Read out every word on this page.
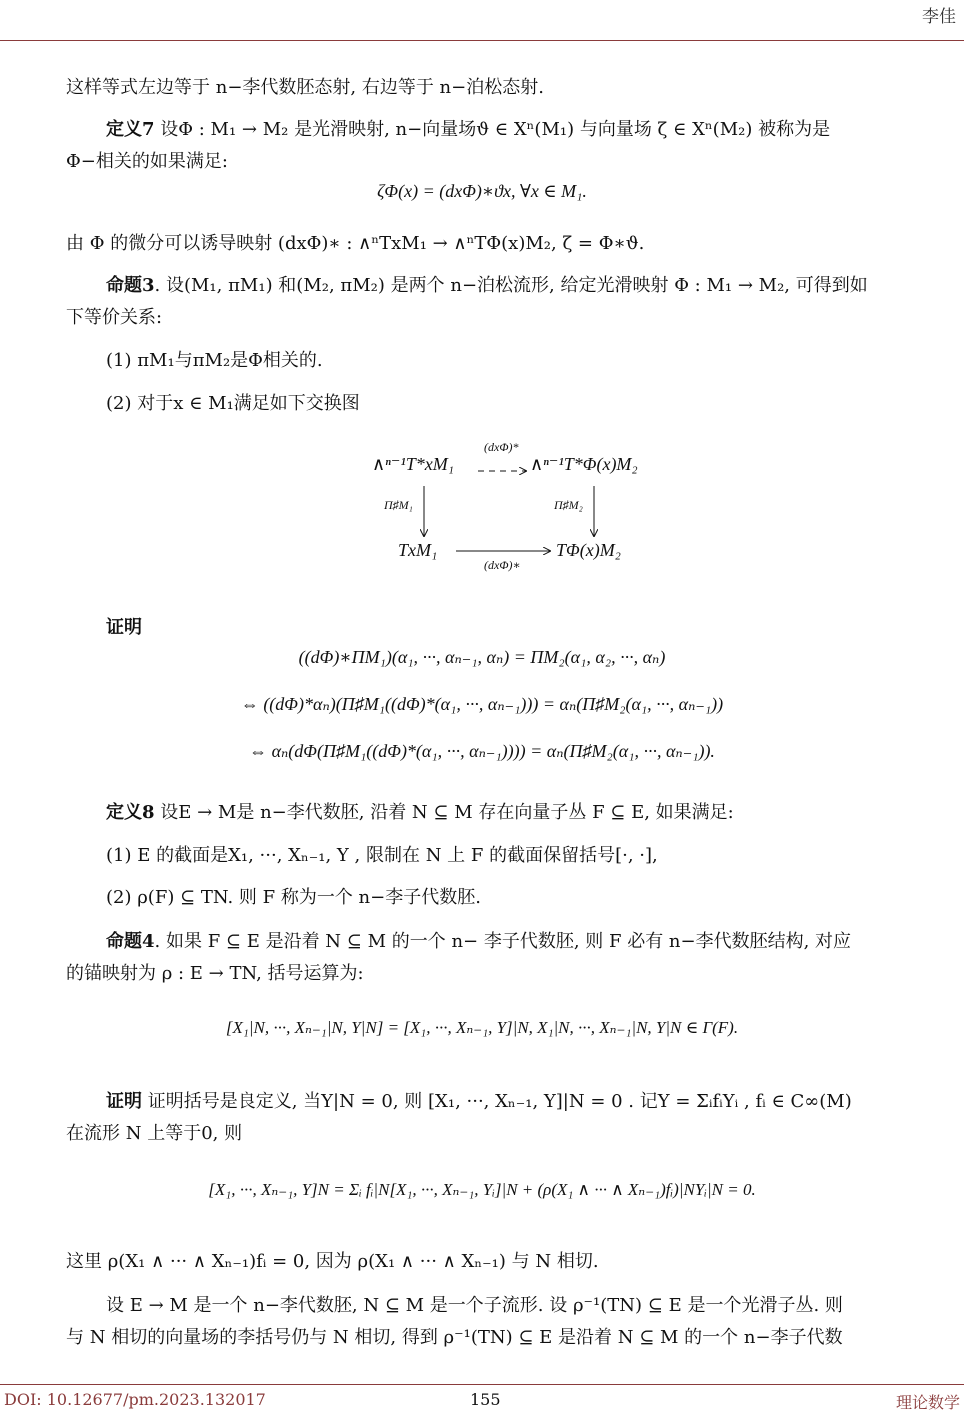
李佳
这样等式左边等于 n−李代数胚态射, 右边等于 n−泊松态射.
定义7 设Φ : M₁ → M₂ 是光滑映射, n−向量场ϑ ∈ Xⁿ(M₁) 与向量场 ζ ∈ Xⁿ(M₂) 被称为是
Φ−相关的如果满足:
ζΦ(x) = (dxΦ)∗ϑx, ∀x ∈ M₁.
由 Φ 的微分可以诱导映射 (dxΦ)∗ : ∧ⁿTxM₁ → ∧ⁿTΦ(x)M₂, ζ = Φ∗ϑ.
命题3. 设(M₁, πM₁) 和(M₂, πM₂) 是两个 n−泊松流形, 给定光滑映射 Φ : M₁ → M₂, 可得到如
下等价关系:
(1) πM₁与πM₂是Φ相关的.
(2) 对于x ∈ M₁满足如下交换图
∧ⁿ⁻¹T*xM₁	∧ⁿ⁻¹T*Φ(x)M₂
(dxΦ)*
Π♯M₁	Π♯M₂
TxM₁	TΦ(x)M₂
(dxΦ)∗
证明
((dΦ)∗ΠM₁)(α₁, ···, αₙ₋₁, αₙ) = ΠM₂(α₁, α₂, ···, αₙ)
⇔ ((dΦ)*αₙ)(Π♯M₁((dΦ)*(α₁, ···, αₙ₋₁))) = αₙ(Π♯M₂(α₁, ···, αₙ₋₁))
⇔ αₙ(dΦ(Π♯M₁((dΦ)*(α₁, ···, αₙ₋₁)))) = αₙ(Π♯M₂(α₁, ···, αₙ₋₁)).
定义8 设E → M是 n−李代数胚, 沿着 N ⊆ M 存在向量子丛 F ⊆ E, 如果满足:
(1) E 的截面是X₁, ···, Xₙ₋₁, Y , 限制在 N 上 F 的截面保留括号[·, ·],
(2) ρ(F) ⊆ TN. 则 F 称为一个 n−李子代数胚.
命题4. 如果 F ⊆ E 是沿着 N ⊆ M 的一个 n− 李子代数胚, 则 F 必有 n−李代数胚结构, 对应
的锚映射为 ρ : E → TN, 括号运算为:
[X₁|N, ···, Xₙ₋₁|N, Y|N] = [X₁, ···, Xₙ₋₁, Y]|N, X₁|N, ···, Xₙ₋₁|N, Y|N ∈ Γ(F).
证明 证明括号是良定义, 当Y|N = 0, 则 [X₁, ···, Xₙ₋₁, Y]|N = 0 . 记Y = ΣᵢfᵢYᵢ , fᵢ ∈ C∞(M)
在流形 N 上等于0, 则
[X₁, ···, Xₙ₋₁, Y]N = Σᵢ fᵢ|N[X₁, ···, Xₙ₋₁, Yᵢ]|N + (ρ(X₁ ∧ ··· ∧ Xₙ₋₁)fᵢ)|NYᵢ|N = 0.
这里 ρ(X₁ ∧ ··· ∧ Xₙ₋₁)fᵢ = 0, 因为 ρ(X₁ ∧ ··· ∧ Xₙ₋₁) 与 N 相切.
设 E → M 是一个 n−李代数胚, N ⊆ M 是一个子流形. 设 ρ⁻¹(TN) ⊆ E 是一个光滑子丛. 则
与 N 相切的向量场的李括号仍与 N 相切, 得到 ρ⁻¹(TN) ⊆ E 是沿着 N ⊆ M 的一个 n−李子代数
DOI: 10.12677/pm.2023.132017	155	理论数学
